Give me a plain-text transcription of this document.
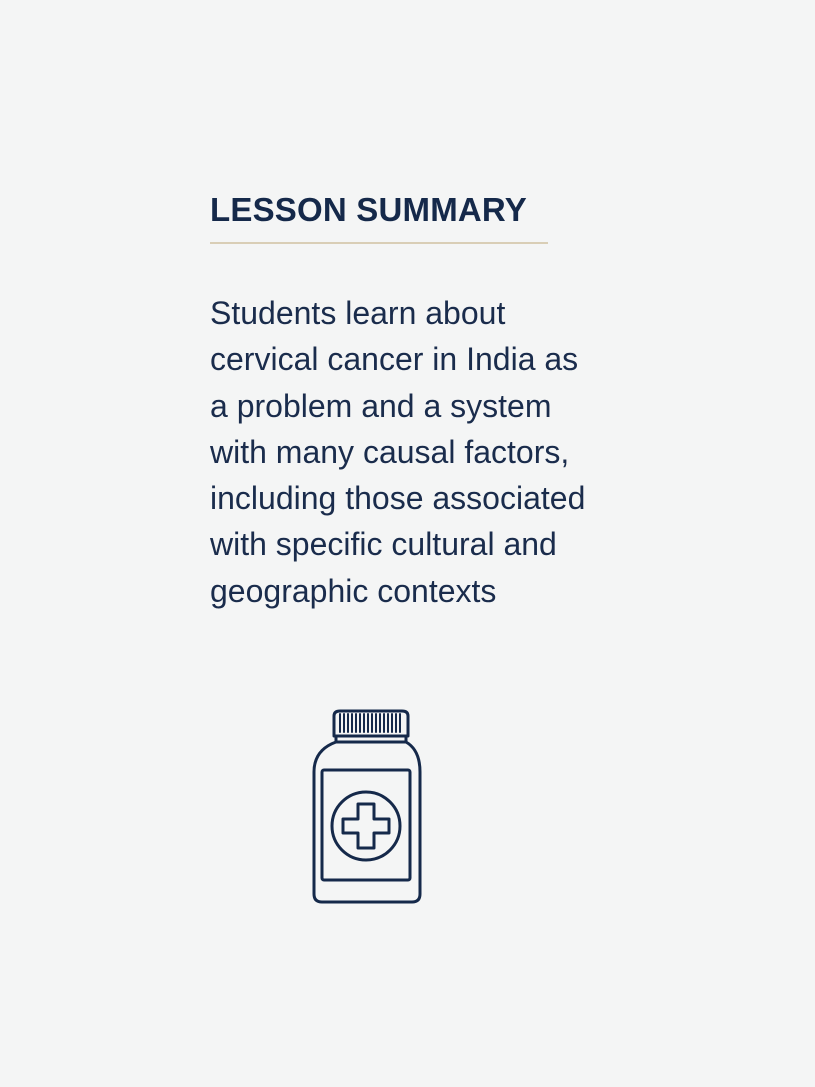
LESSON SUMMARY

Students learn about
cervical cancer in India as
a problem and a system
with many causal factors,
including those associated
with specific cultural and
geographic contexts
